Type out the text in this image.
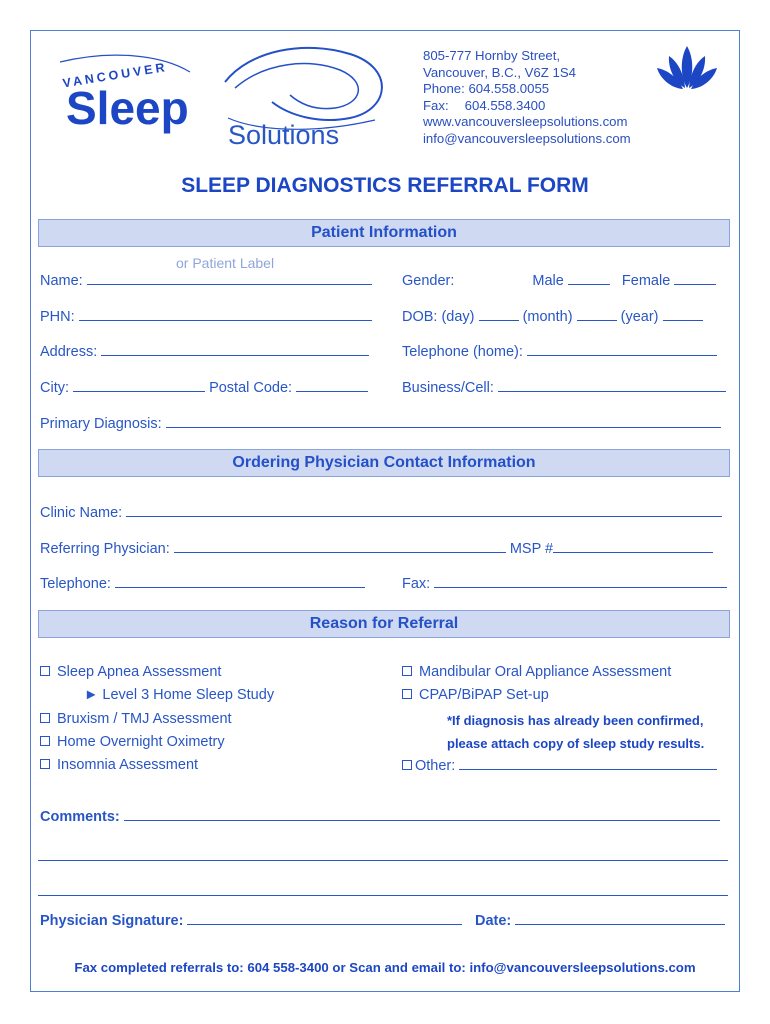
VANCOUVER
Sleep
Solutions
805-777 Hornby Street,
Vancouver, B.C., V6Z 1S4
Phone: 604.558.0055
Fax: 604.558.3400
www.vancouversleepsolutions.com
info@vancouversleepsolutions.com
SLEEP DIAGNOSTICS REFERRAL FORM
Patient Information
or Patient Label
Name:	Gender:	Male	Female
PHN:	DOB: (day)	(month)	(year)
Address:	Telephone (home):
City:	Postal Code:	Business/Cell:
Primary Diagnosis:
Ordering Physician Contact Information
Clinic Name:
Referring Physician:	MSP #
Telephone:	Fax:
Reason for Referral
Sleep Apnea Assessment
► Level 3 Home Sleep Study
Bruxism / TMJ Assessment
Home Overnight Oximetry
Insomnia Assessment
Mandibular Oral Appliance Assessment
CPAP/BiPAP Set-up
*If diagnosis has already been confirmed,
please attach copy of sleep study results.
Other:
Comments:
Physician Signature:	Date:
Fax completed referrals to: 604 558-3400 or Scan and email to: info@vancouversleepsolutions.com
